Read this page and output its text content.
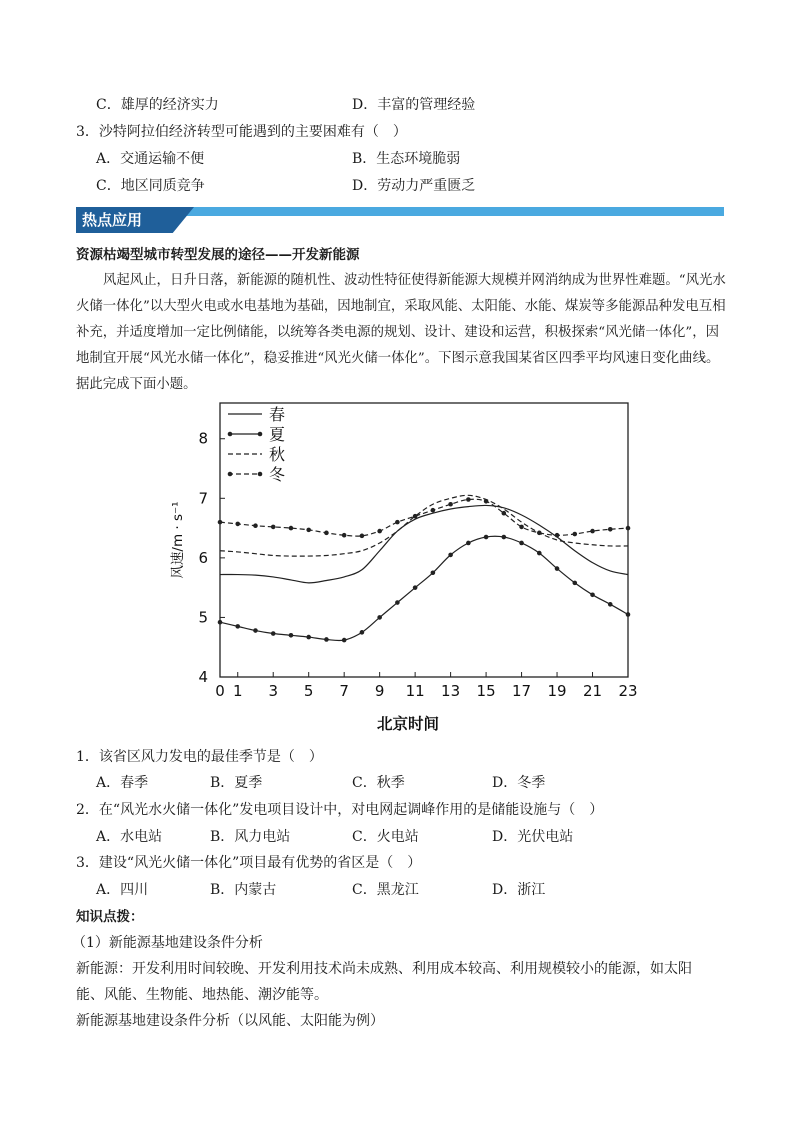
C．雄厚的经济实力	D．丰富的管理经验
3．沙特阿拉伯经济转型可能遇到的主要困难有（　）
A．交通运输不便	B．生态环境脆弱
C．地区同质竞争	D．劳动力严重匮乏
热点应用
资源枯竭型城市转型发展的途径——开发新能源
风起风止，日升日落，新能源的随机性、波动性特征使得新能源大规模并网消纳成为世界性难题。“风光水火储一体化”以大型火电或水电基地为基础，因地制宜，采取风能、太阳能、水能、煤炭等多能源品种发电互相补充，并适度增加一定比例储能，以统筹各类电源的规划、设计、建设和运营，积极探索“风光储一体化”，因地制宜开展“风光水储一体化”，稳妥推进“风光火储一体化”。下图示意我国某省区四季平均风速日变化曲线。据此完成下面小题。
0 1 3 5 7 9 11 13 15 17 19 21 23
4
5
6
7
8
北京时间
风速/m · s⁻¹
春
夏
秋
冬
1．该省区风力发电的最佳季节是（　）
A．春季	B．夏季	C．秋季	D．冬季
2．在“风光水火储一体化”发电项目设计中，对电网起调峰作用的是储能设施与（　）
A．水电站	B．风力电站	C．火电站	D．光伏电站
3．建设“风光火储一体化”项目最有优势的省区是（　）
A．四川	B．内蒙古	C．黑龙江	D．浙江
知识点拨：
（1）新能源基地建设条件分析
新能源：开发利用时间较晚、开发利用技术尚未成熟、利用成本较高、利用规模较小的能源，如太阳
能、风能、生物能、地热能、潮汐能等。
新能源基地建设条件分析（以风能、太阳能为例）
